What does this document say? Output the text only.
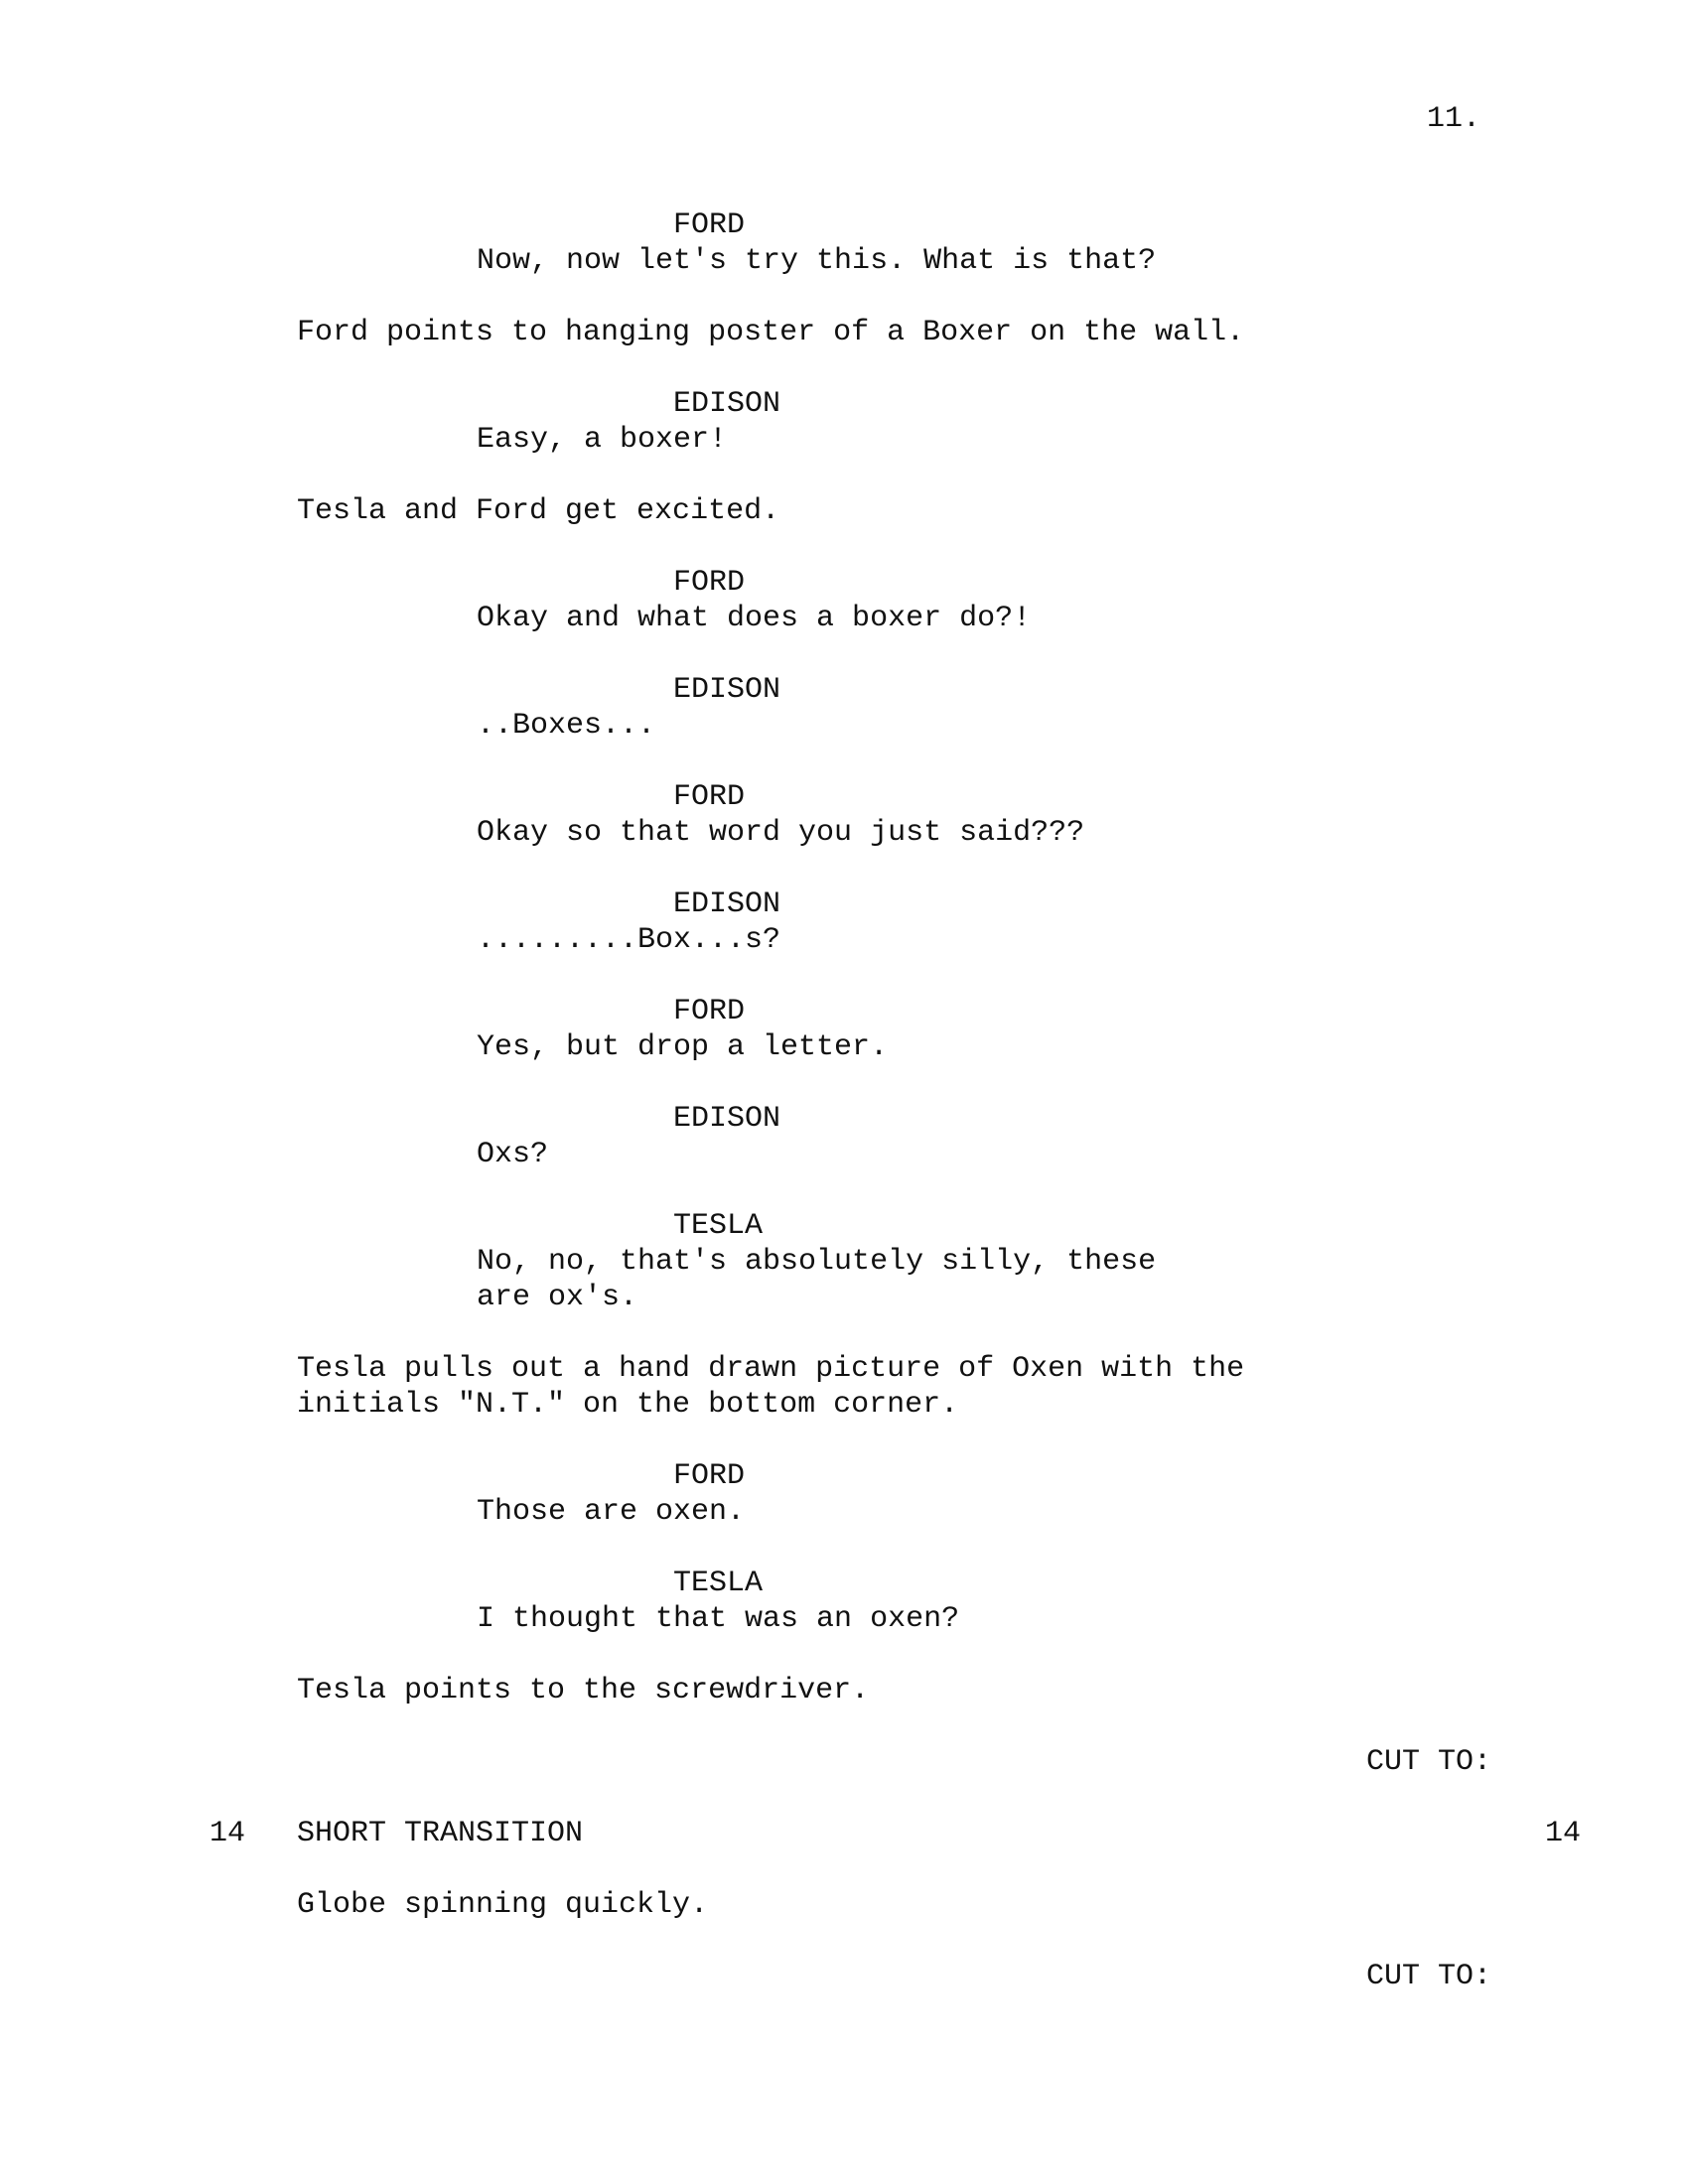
11.
FORD
Now, now let's try this. What is that?
Ford points to hanging poster of a Boxer on the wall.
EDISON
Easy, a boxer!
Tesla and Ford get excited.
FORD
Okay and what does a boxer do?!
EDISON
..Boxes...
FORD
Okay so that word you just said???
EDISON
.........Box...s?
FORD
Yes, but drop a letter.
EDISON
Oxs?
TESLA
No, no, that's absolutely silly, these
are ox's.
Tesla pulls out a hand drawn picture of Oxen with the
initials "N.T." on the bottom corner.
FORD
Those are oxen.
TESLA
I thought that was an oxen?
Tesla points to the screwdriver.
CUT TO:
14 SHORT TRANSITION	14
Globe spinning quickly.
CUT TO:
